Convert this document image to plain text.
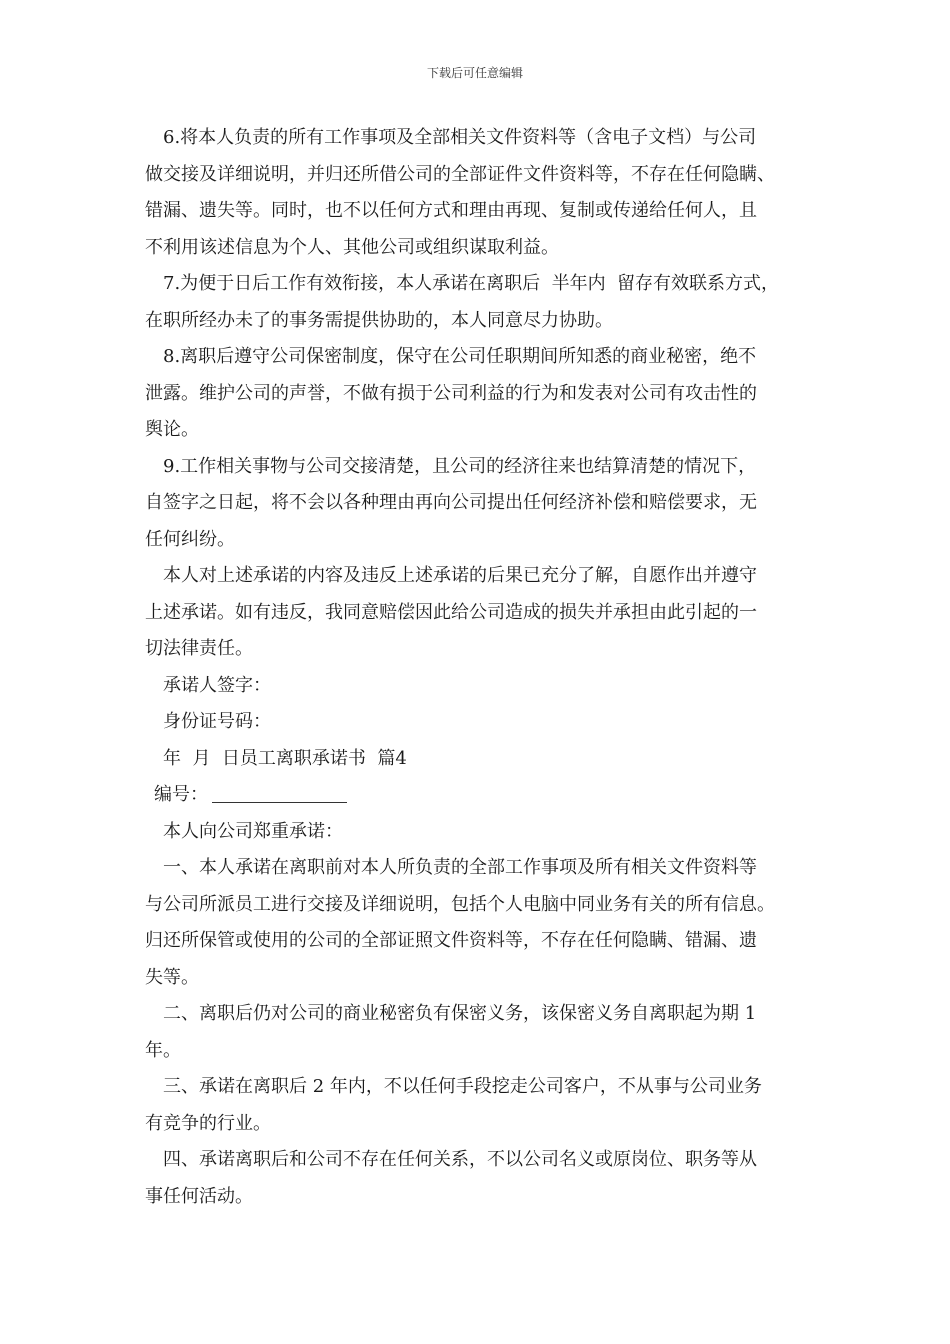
下载后可任意编辑

6.将本人负责的所有工作事项及全部相关文件资料等（含电子文档）与公司

做交接及详细说明，并归还所借公司的全部证件文件资料等，不存在任何隐瞒、

错漏、遗失等。同时，也不以任何方式和理由再现、复制或传递给任何人，且

不利用该述信息为个人、其他公司或组织谋取利益。

7.为便于日后工作有效衔接，本人承诺在离职后  半年内  留存有效联系方式，

在职所经办未了的事务需提供协助的，本人同意尽力协助。

8.离职后遵守公司保密制度，保守在公司任职期间所知悉的商业秘密，绝不

泄露。维护公司的声誉，不做有损于公司利益的行为和发表对公司有攻击性的

舆论。

9.工作相关事物与公司交接清楚，且公司的经济往来也结算清楚的情况下，

自签字之日起，将不会以各种理由再向公司提出任何经济补偿和赔偿要求，无

任何纠纷。

本人对上述承诺的内容及违反上述承诺的后果已充分了解，自愿作出并遵守

上述承诺。如有违反，我同意赔偿因此给公司造成的损失并承担由此引起的一

切法律责任。

承诺人签字：

身份证号码：

年  月  日员工离职承诺书  篇4

编号：

本人向公司郑重承诺：

一、本人承诺在离职前对本人所负责的全部工作事项及所有相关文件资料等

与公司所派员工进行交接及详细说明，包括个人电脑中同业务有关的所有信息。

归还所保管或使用的公司的全部证照文件资料等，不存在任何隐瞒、错漏、遗

失等。

二、离职后仍对公司的商业秘密负有保密义务，该保密义务自离职起为期 1

年。

三、承诺在离职后 2 年内，不以任何手段挖走公司客户，不从事与公司业务

有竞争的行业。

四、承诺离职后和公司不存在任何关系，不以公司名义或原岗位、职务等从

事任何活动。
